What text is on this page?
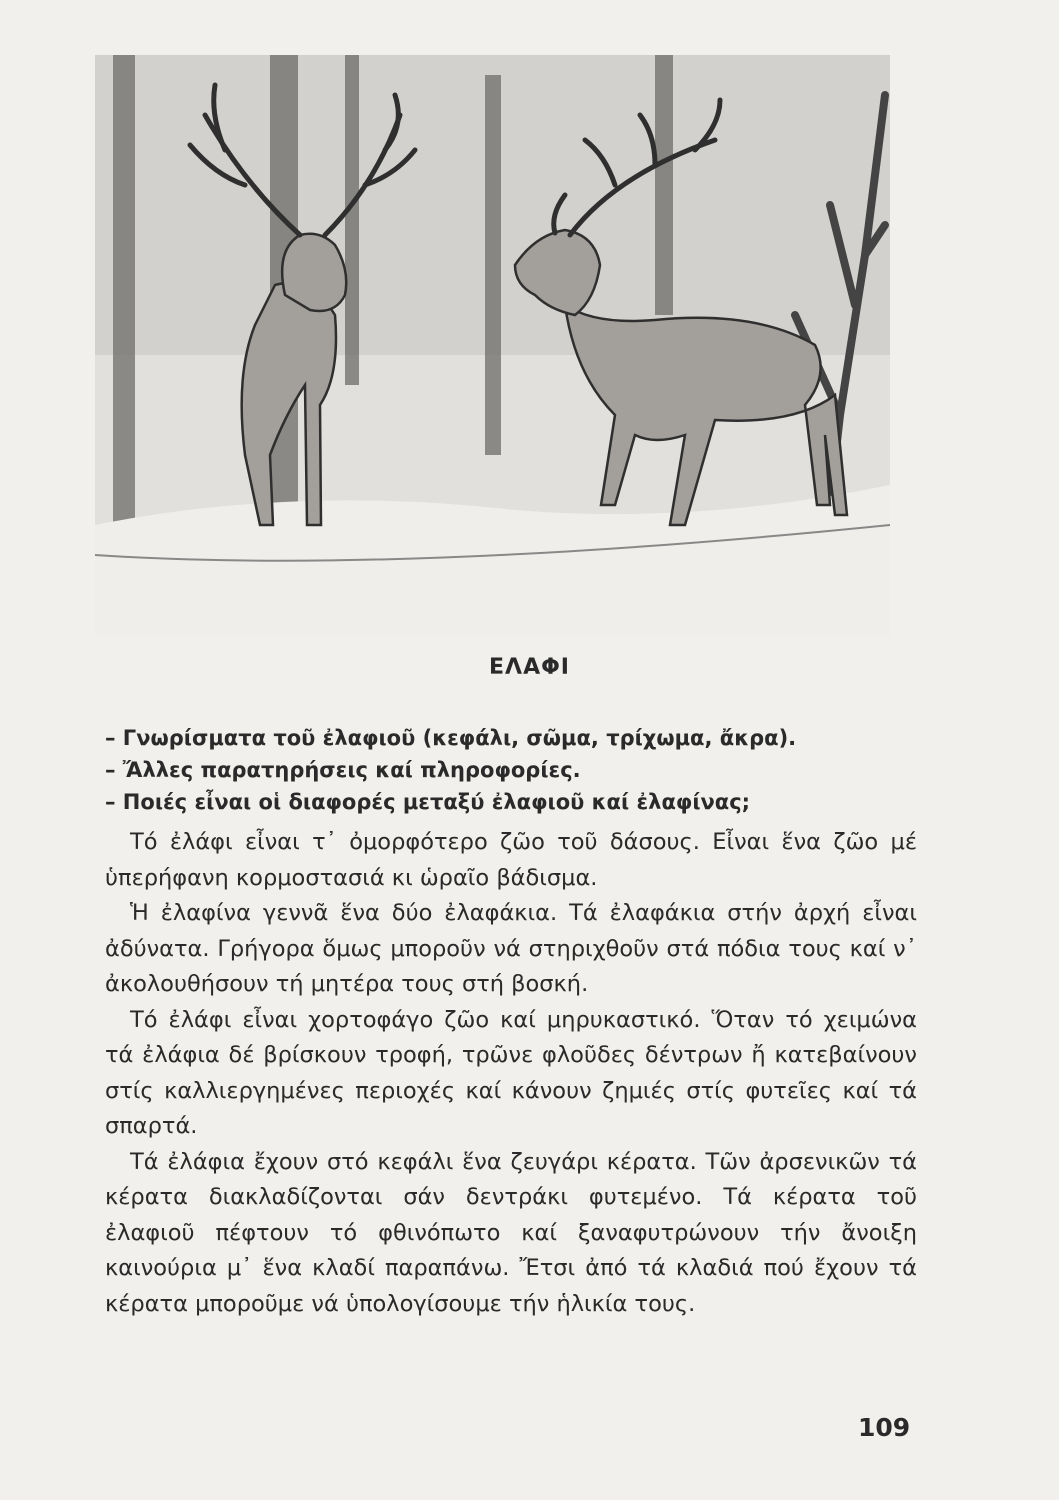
ΕΛΑΦΙ
– Γνωρίσματα τοῦ ἐλαφιοῦ (κεφάλι, σῶμα, τρίχωμα, ἄκρα).
– Ἄλλες παρατηρήσεις καί πληροφορίες.
– Ποιές εἶναι οἱ διαφορές μεταξύ ἐλαφιοῦ καί ἐλαφίνας;

Τό ἐλάφι εἶναι τ᾿ ὀμορφότερο ζῶο τοῦ δάσους. Εἶναι ἕνα ζῶο μέ ὑπερήφανη κορμοστασιά κι ὡραῖο βάδισμα.

Ἡ ἐλαφίνα γεννᾶ ἕνα δύο ἐλαφάκια. Τά ἐλαφάκια στήν ἀρχή εἶναι ἀδύνατα. Γρήγορα ὅμως μποροῦν νά στηριχθοῦν στά πόδια τους καί ν᾿ ἀκολουθήσουν τή μητέρα τους στή βοσκή.

Τό ἐλάφι εἶναι χορτοφάγο ζῶο καί μηρυκαστικό. Ὅταν τό χειμώνα τά ἐλάφια δέ βρίσκουν τροφή, τρῶνε φλοῦδες δέντρων ἤ κατεβαίνουν στίς καλλιεργημένες περιοχές καί κάνουν ζημιές στίς φυτεῖες καί τά σπαρτά.

Τά ἐλάφια ἔχουν στό κεφάλι ἕνα ζευγάρι κέρατα. Τῶν ἀρσενικῶν τά κέρατα διακλαδίζονται σάν δεντράκι φυτεμένο. Τά κέρατα τοῦ ἐλαφιοῦ πέφτουν τό φθινόπωτο καί ξαναφυτρώνουν τήν ἄνοιξη καινούρια μ᾿ ἕνα κλαδί παραπάνω. Ἔτσι ἀπό τά κλαδιά πού ἔχουν τά κέρατα μποροῦμε νά ὑπολογίσουμε τήν ἡλικία τους.

109
